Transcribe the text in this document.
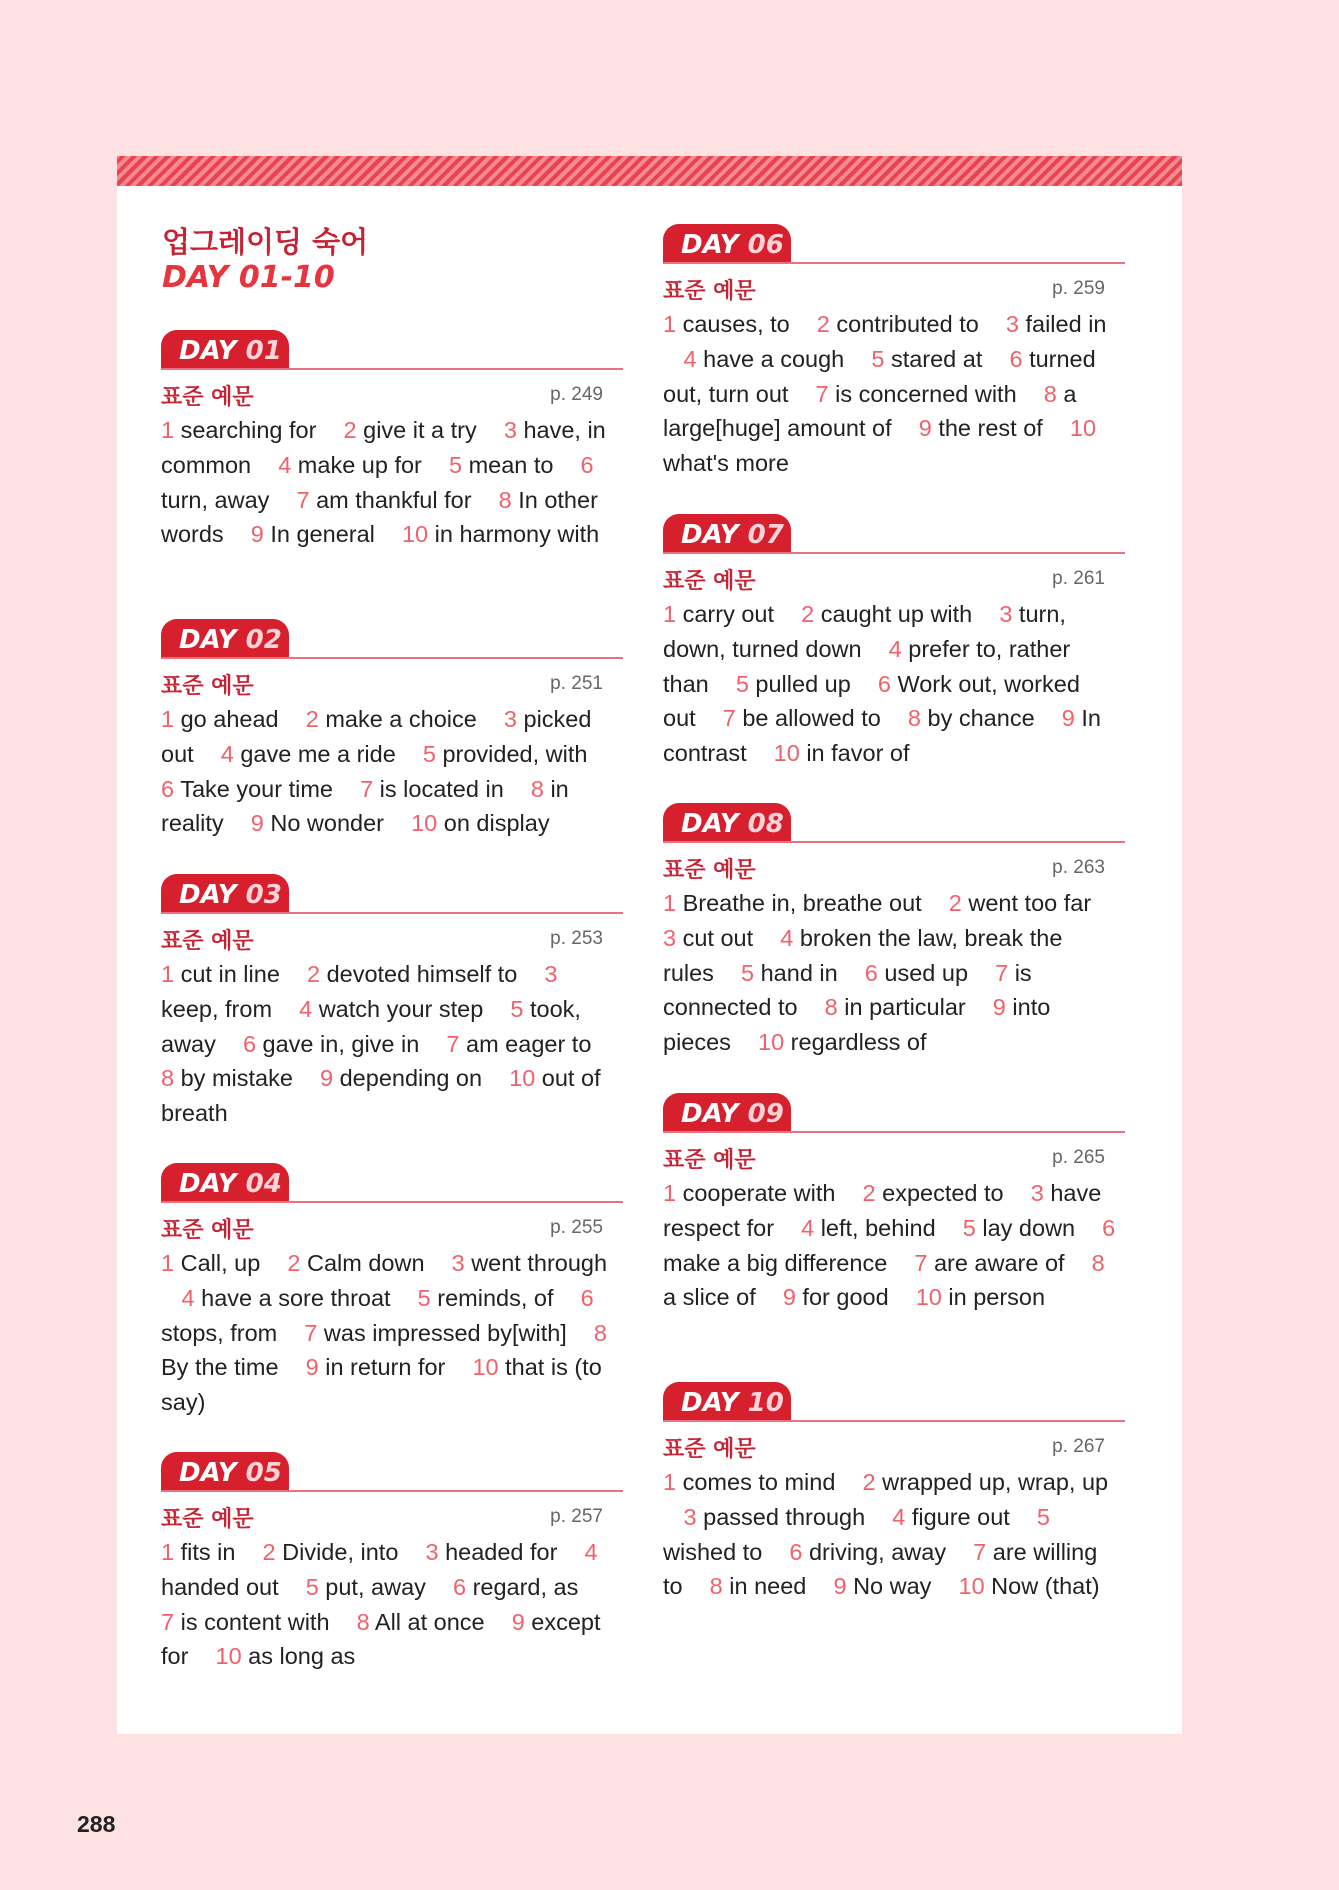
업그레이딩 숙어
DAY 01-10
DAY 01
표준 예문	p. 249
1 searching for 2 give it a try 3 have, in common 4 make up for 5 mean to 6 turn, away 7 am thankful for 8 In other words 9 In general 10 in harmony with
DAY 02
표준 예문	p. 251
1 go ahead 2 make a choice 3 picked out 4 gave me a ride 5 provided, with  6 Take your time 7 is located in 8 in reality 9 No wonder 10 on display
DAY 03
표준 예문	p. 253
1 cut in line 2 devoted himself to 3 keep, from 4 watch your step 5 took, away 6 gave in, give in 7 am eager to  8 by mistake 9 depending on 10 out of breath
DAY 04
표준 예문	p. 255
1 Call, up 2 Calm down 3 went through  4 have a sore throat 5 reminds, of 6 stops, from 7 was impressed by[with] 8 By the time 9 in return for 10 that is (to say)
DAY 05
표준 예문	p. 257
1 fits in 2 Divide, into 3 headed for 4 handed out 5 put, away 6 regard, as  7 is content with 8 All at once 9 except for 10 as long as
DAY 06
표준 예문	p. 259
1 causes, to 2 contributed to 3 failed in  4 have a cough 5 stared at 6 turned out, turn out 7 is concerned with 8 a large[huge] amount of 9 the rest of 10 what's more
DAY 07
표준 예문	p. 261
1 carry out 2 caught up with 3 turn, down, turned down 4 prefer to, rather than 5 pulled up 6 Work out, worked out 7 be allowed to 8 by chance 9 In contrast 10 in favor of
DAY 08
표준 예문	p. 263
1 Breathe in, breathe out 2 went too far  3 cut out 4 broken the law, break the rules 5 hand in 6 used up 7 is connected to 8 in particular 9 into pieces 10 regardless of
DAY 09
표준 예문	p. 265
1 cooperate with 2 expected to 3 have respect for 4 left, behind 5 lay down 6 make a big difference 7 are aware of 8 a slice of 9 for good 10 in person
DAY 10
표준 예문	p. 267
1 comes to mind 2 wrapped up, wrap, up  3 passed through 4 figure out 5 wished to 6 driving, away 7 are willing to 8 in need 9 No way 10 Now (that)
288
